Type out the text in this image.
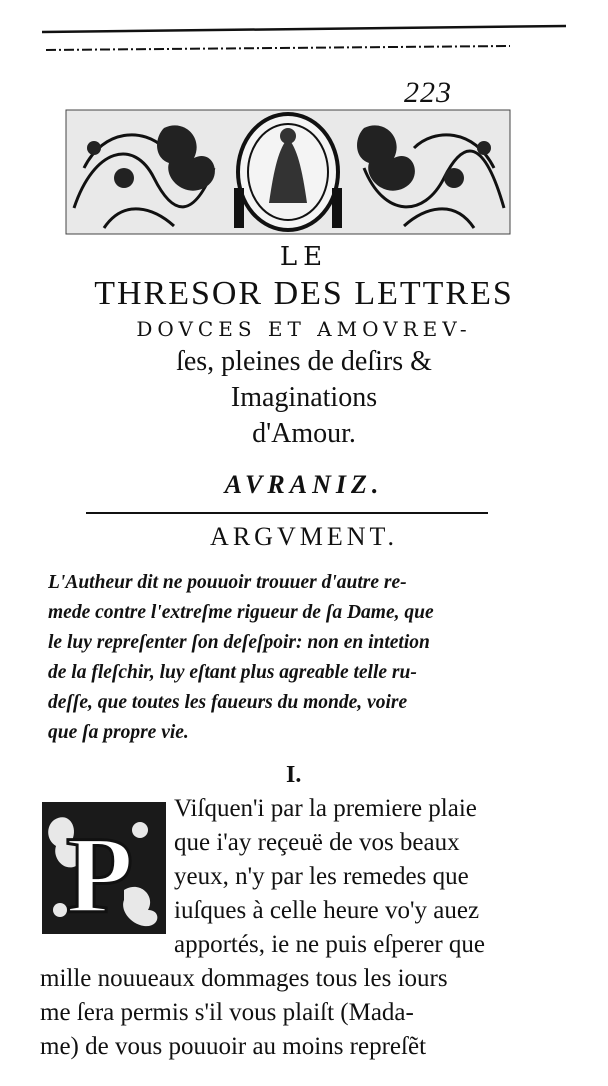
223
LE
THRESOR DES LETTRES
DOVCES ET AMOVREV-
ſes, pleines de deſirs &
Imaginations
d'Amour.
AVRANIZ.
ARGVMENT.
L'Autheur dit ne pouuoir trouuer d'autre re-
mede contre l'extreſme rigueur de ſa Dame, que
le luy repreſenter ſon deſeſpoir: non en intetion
de la fleſchir, luy eſtant plus agreable telle ru-
deſſe, que toutes les faueurs du monde, voire
que ſa propre vie.
I.
P
Viſquen'i par la premiere plaie
que i'ay reçeuë de vos beaux
yeux, n'y par les remedes que
iuſques à celle heure vo'y auez
apportés, ie ne puis eſperer que
mille nouueaux dommages tous les iours
me ſera permis s'il vous plaiſt (Mada-
me) de vous pouuoir au moins repreſẽt
